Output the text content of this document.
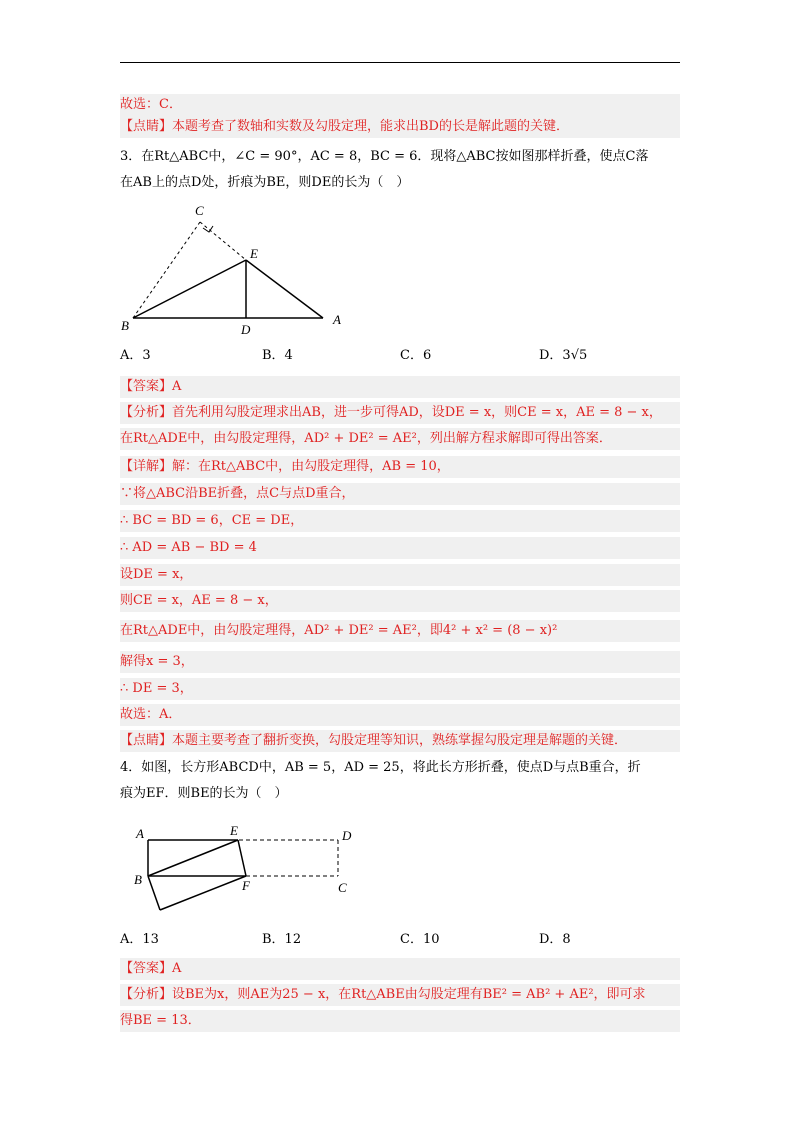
故选：C．
【点睛】本题考查了数轴和实数及勾股定理，能求出BD的长是解此题的关键．
3．在Rt△ABC中，∠C = 90°，AC = 8，BC = 6．现将△ABC按如图那样折叠，使点C落
在AB上的点D处，折痕为BE，则DE的长为（　）
C
E
B	D
A
A．3	B．4	C．6	D．3√5
【答案】A
【分析】首先利用勾股定理求出AB，进一步可得AD，设DE = x，则CE = x，AE = 8 − x，
在Rt△ADE中，由勾股定理得，AD² + DE² = AE²，列出解方程求解即可得出答案．
【详解】解：在Rt△ABC中，由勾股定理得，AB = 10，
∵将△ABC沿BE折叠，点C与点D重合，
∴ BC = BD = 6，CE = DE，
∴ AD = AB − BD = 4
设DE = x，
则CE = x，AE = 8 − x，
在Rt△ADE中，由勾股定理得，AD² + DE² = AE²，即4² + x² = (8 − x)²
解得x = 3，
∴ DE = 3，
故选：A．
【点睛】本题主要考查了翻折变换，勾股定理等知识，熟练掌握勾股定理是解题的关键．
4．如图，长方形ABCD中，AB = 5，AD = 25，将此长方形折叠，使点D与点B重合，折
痕为EF．则BE的长为（　）
A	E	D
B	F	C
A．13	B．12	C．10	D．8
【答案】A
【分析】设BE为x，则AE为25 − x，在Rt△ABE由勾股定理有BE² = AB² + AE²，即可求
得BE = 13．
